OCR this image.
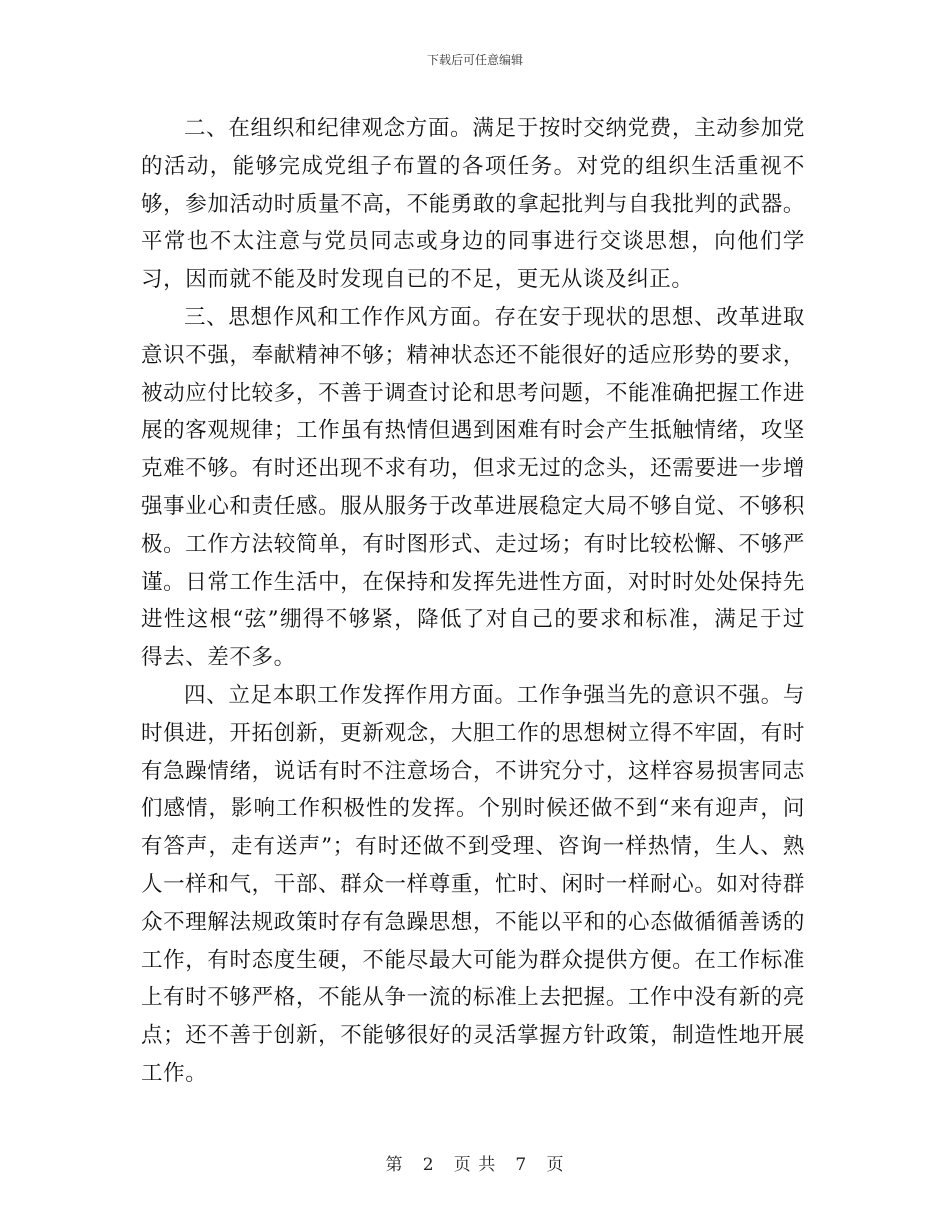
下载后可任意编辑

二、在组织和纪律观念方面。满足于按时交纳党费，主动参加党的活动，能够完成党组子布置的各项任务。对党的组织生活重视不够，参加活动时质量不高，不能勇敢的拿起批判与自我批判的武器。平常也不太注意与党员同志或身边的同事进行交谈思想，向他们学习，因而就不能及时发现自已的不足，更无从谈及纠正。

三、思想作风和工作作风方面。存在安于现状的思想、改革进取意识不强，奉献精神不够；精神状态还不能很好的适应形势的要求，被动应付比较多，不善于调查讨论和思考问题，不能准确把握工作进展的客观规律；工作虽有热情但遇到困难有时会产生抵触情绪，攻坚克难不够。有时还出现不求有功，但求无过的念头，还需要进一步增强事业心和责任感。服从服务于改革进展稳定大局不够自觉、不够积极。工作方法较简单，有时图形式、走过场；有时比较松懈、不够严谨。日常工作生活中，在保持和发挥先进性方面，对时时处处保持先进性这根“弦”绷得不够紧，降低了对自己的要求和标准，满足于过得去、差不多。

四、立足本职工作发挥作用方面。工作争强当先的意识不强。与时俱进，开拓创新，更新观念，大胆工作的思想树立得不牢固，有时有急躁情绪，说话有时不注意场合，不讲究分寸，这样容易损害同志们感情，影响工作积极性的发挥。个别时候还做不到“来有迎声，问有答声，走有送声”；有时还做不到受理、咨询一样热情，生人、熟人一样和气，干部、群众一样尊重，忙时、闲时一样耐心。如对待群众不理解法规政策时存有急躁思想，不能以平和的心态做循循善诱的工作，有时态度生硬，不能尽最大可能为群众提供方便。在工作标准上有时不够严格，不能从争一流的标准上去把握。工作中没有新的亮点；还不善于创新，不能够很好的灵活掌握方针政策，制造性地开展工作。

第 2 页 共 7 页
